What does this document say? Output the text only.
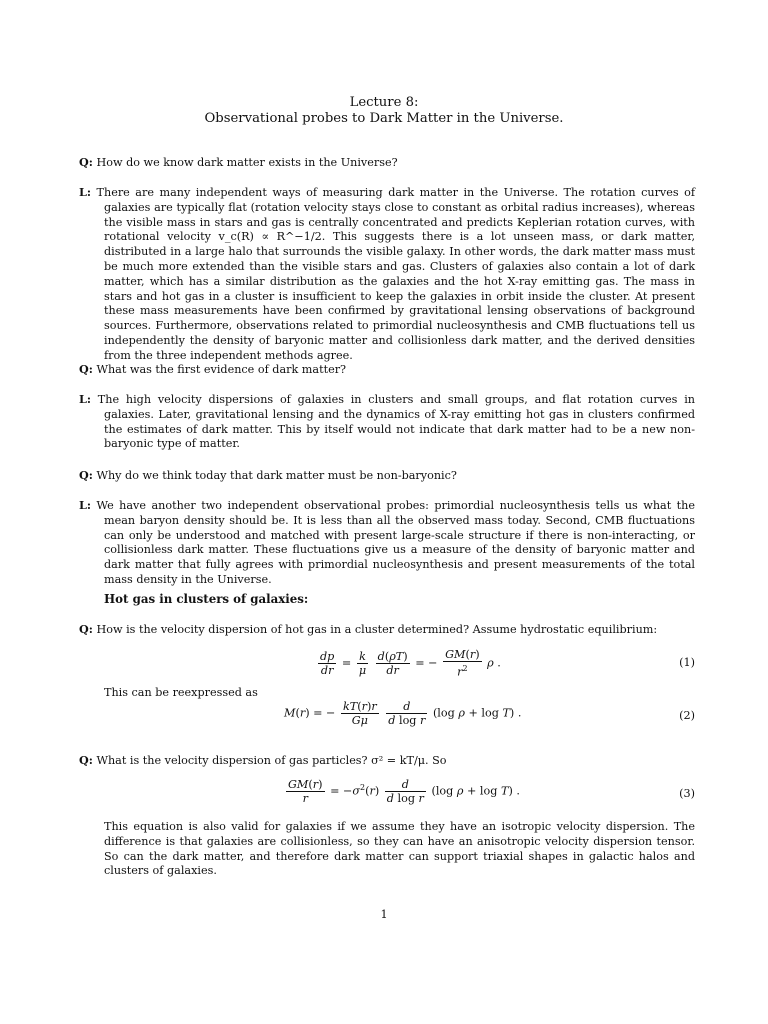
Lecture 8:
Observational probes to Dark Matter in the Universe.

Q: How do we know dark matter exists in the Universe?

L: There are many independent ways of measuring dark matter in the Universe. The rotation curves of galaxies are typically flat (rotation velocity stays close to constant as orbital radius increases), whereas the visible mass in stars and gas is centrally concentrated and predicts Keplerian rotation curves, with rotational velocity v_c(R) ∝ R^−1/2. This suggests there is a lot unseen mass, or dark matter, distributed in a large halo that surrounds the visible galaxy. In other words, the dark matter mass must be much more extended than the visible stars and gas. Clusters of galaxies also contain a lot of dark matter, which has a similar distribution as the galaxies and the hot X-ray emitting gas. The mass in stars and hot gas in a cluster is insufficient to keep the galaxies in orbit inside the cluster. At present these mass measurements have been confirmed by gravitational lensing observations of background sources. Furthermore, observations related to primordial nucleosynthesis and CMB fluctuations tell us independently the density of baryonic matter and collisionless dark matter, and the derived densities from the three independent methods agree.

Q: What was the first evidence of dark matter?

L: The high velocity dispersions of galaxies in clusters and small groups, and flat rotation curves in galaxies. Later, gravitational lensing and the dynamics of X-ray emitting hot gas in clusters confirmed the estimates of dark matter. This by itself would not indicate that dark matter had to be a new non-baryonic type of matter.

Q: Why do we think today that dark matter must be non-baryonic?

L: We have another two independent observational probes: primordial nucleosynthesis tells us what the mean baryon density should be. It is less than all the observed mass today. Second, CMB fluctuations can only be understood and matched with present large-scale structure if there is non-interacting, or collisionless dark matter. These fluctuations give us a measure of the density of baryonic matter and dark matter that fully agrees with primordial nucleosynthesis and present measurements of the total mass density in the Universe.

Hot gas in clusters of galaxies:

Q: How is the velocity dispersion of hot gas in a cluster determined? Assume hydrostatic equilibrium:

$\frac{dp}{dr} = \frac{k}{\mu}$
$\frac{d(\rho T)}{dr}$ = − $\frac{GM(r)}{r^2}$ ρ .	(1)
This can be reexpressed as
M(r) = − $\frac{kT(r)r}{G\mu}$
$\frac{d}{\text{d log r}} (\log$ ρ + log T) .	(2)

Q: What is the velocity dispersion of gas particles? σ² = kT/μ. So

$\frac{GM(r)}{r} = -\sigma^2(r) \frac{d}{\text{d log r}} (\log$ ρ + log T) .	(3)
This equation is also valid for galaxies if we assume they have an isotropic velocity dispersion. The difference is that galaxies are collisionless, so they can have an anisotropic velocity dispersion tensor. So can the dark matter, and therefore dark matter can support triaxial shapes in galactic halos and clusters of galaxies.
1
